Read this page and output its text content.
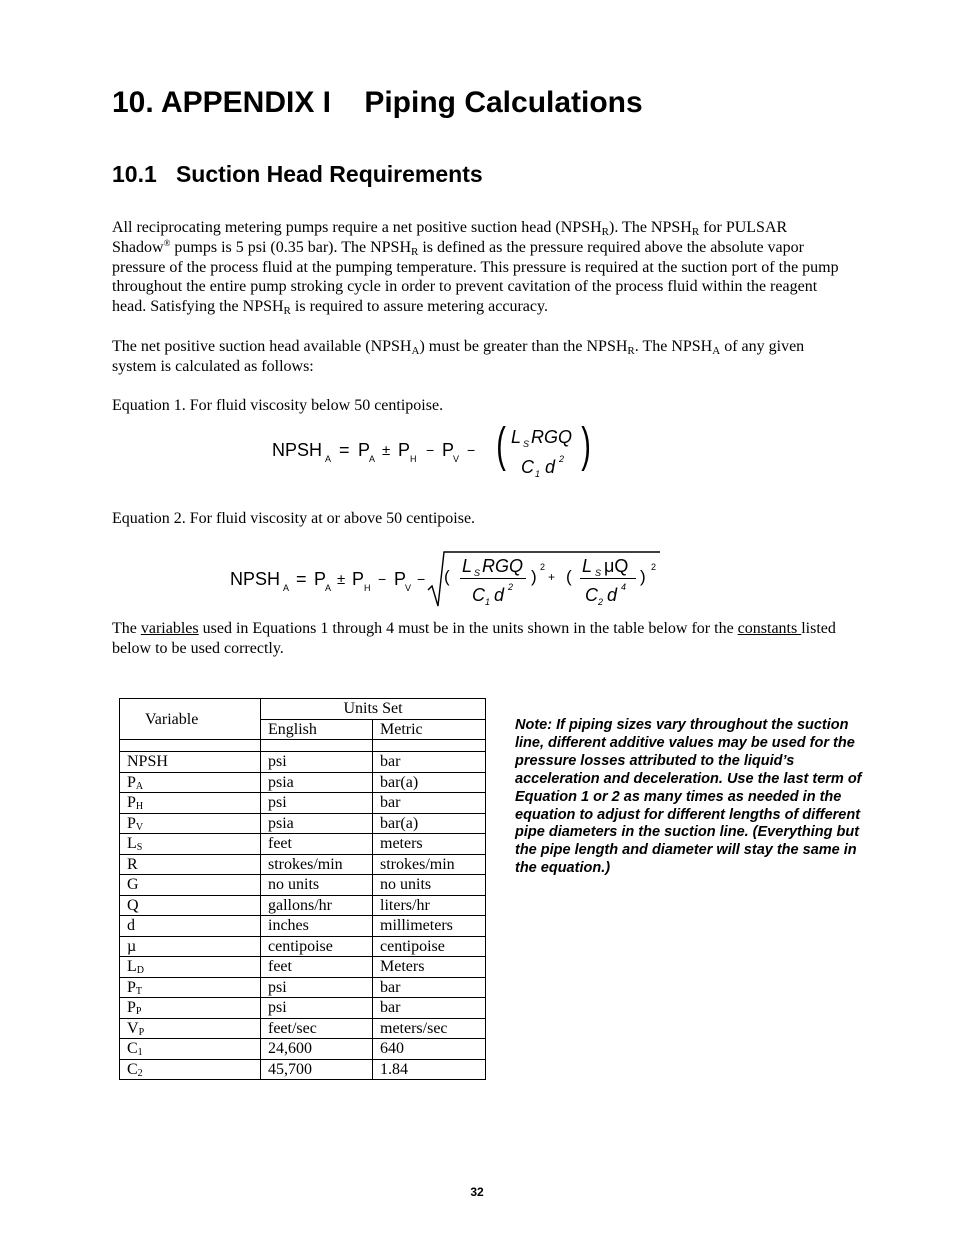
10. APPENDIX I    Piping Calculations
10.1 Suction Head Requirements

All reciprocating metering pumps require a net positive suction head $(NPSH_R)$. The $NPSH_R$ for PULSAR Shadow® pumps is 5 psi (0.35 bar). The $NPSH_R$ is defined as the pressure required above the absolute vapor pressure of the process fluid at the pumping temperature. This pressure is required at the suction port of the pump throughout the entire pump stroking cycle in order to prevent cavitation of the process fluid within the reagent head. Satisfying the $NPSH_R$ is required to assure metering accuracy.

The net positive suction head available $(NPSH_A)$ must be greater than the $NPSH_R$. The $NPSH_A$ of any given system is calculated as follows:

Equation 1. For fluid viscosity below 50 centipoise.

NPSH A = P
A ± P H
− P
V
− ( L S RGQ
C 1 d 2 )

Equation 2. For fluid viscosity at or above 50 centipoise.

NPSH A = P
A ± P H
− P
V
− (
L S RGQ
C 1 d 2
) 2
+ (
L S μQ
C 2 d 4
) 2

The variables used in Equations 1 through 4 must be in the units shown in the table below for the constants listed below to be used correctly.

Variable	Units Set	
	English	Metric

NPSH	psi	bar
$P_A$	psia	bar(a)
$P_H$	psi	bar
$P_V$	psia	bar(a)
$L_S$	feet	meters
R	strokes/min	strokes/min
G	no units	no units
Q	gallons/hr	liters/hr
d	inches	millimeters
µ	centipoise	centipoise
$L_D$	feet	Meters
$P_T$	psi	bar
$P_P$	psi	bar
$V_P$	feet/sec	meters/sec
$C_1$	24,600	640
$C_2$	45,700	1.84

Note: If piping sizes vary throughout the suction line, different additive values may be used for the pressure losses attributed to the liquid’s acceleration and deceleration. Use the last term of Equation 1 or 2 as many times as needed in the equation to adjust for different lengths of different pipe diameters in the suction line. (Everything but the pipe length and diameter will stay the same in the equation.)

32
